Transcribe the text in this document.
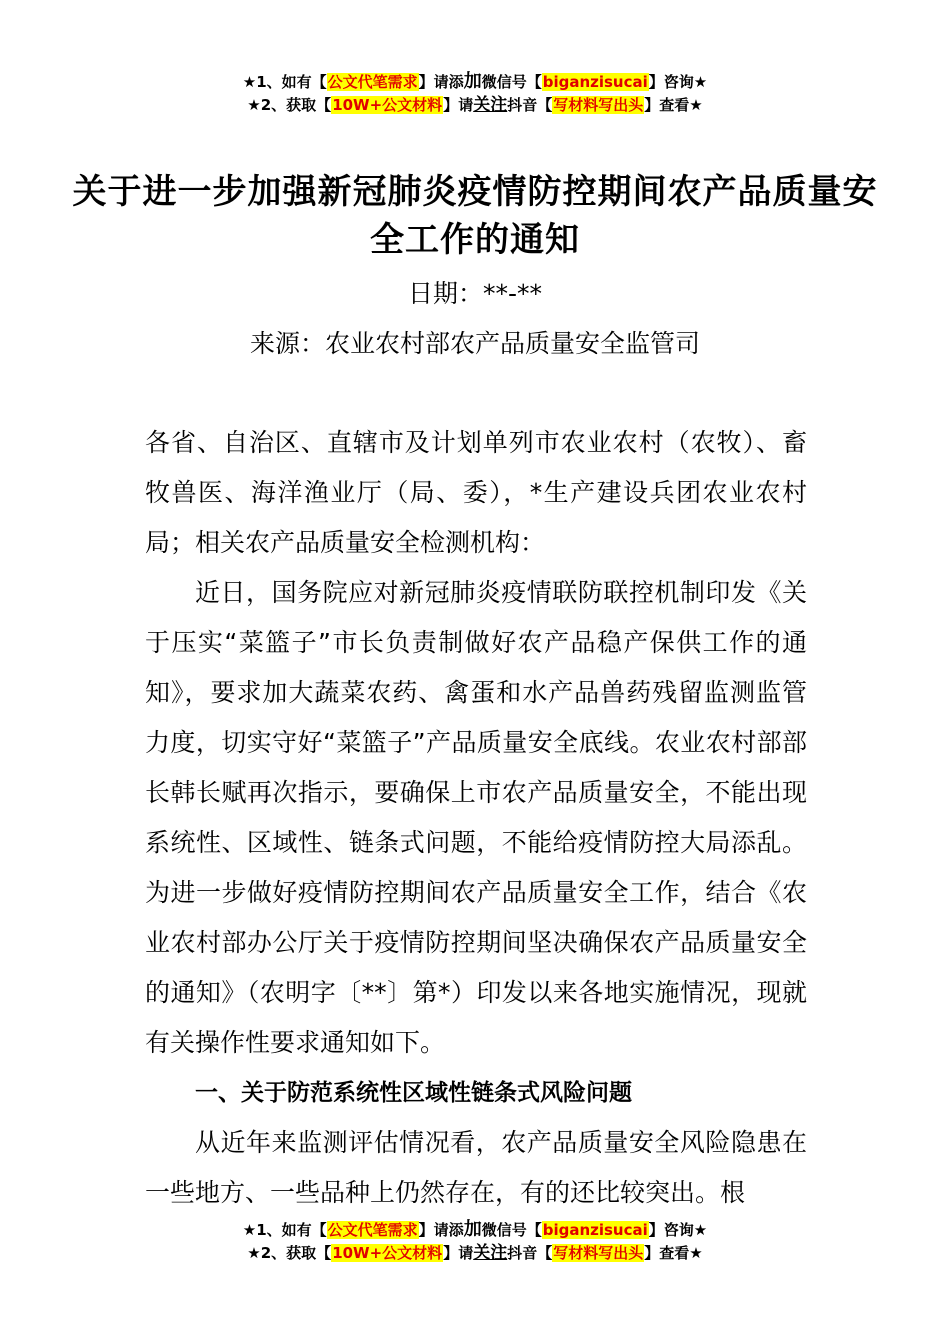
★1、如有【公文代笔需求】请添加微信号【biganzisucai】咨询★
★2、获取【10W+公文材料】请关注抖音【写材料写出头】查看★
关于进一步加强新冠肺炎疫情防控期间农产品质量安全工作的通知
日期：**-**
来源：农业农村部农产品质量安全监管司

各省、自治区、直辖市及计划单列市农业农村（农牧）、畜牧兽医、海洋渔业厅（局、委），*生产建设兵团农业农村局；相关农产品质量安全检测机构：

近日，国务院应对新冠肺炎疫情联防联控机制印发《关于压实“菜篮子”市长负责制做好农产品稳产保供工作的通知》，要求加大蔬菜农药、禽蛋和水产品兽药残留监测监管力度，切实守好“菜篮子”产品质量安全底线。农业农村部部长韩长赋再次指示，要确保上市农产品质量安全，不能出现系统性、区域性、链条式问题，不能给疫情防控大局添乱。为进一步做好疫情防控期间农产品质量安全工作，结合《农业农村部办公厅关于疫情防控期间坚决确保农产品质量安全的通知》（农明字〔**〕第*）印发以来各地实施情况，现就有关操作性要求通知如下。

一、关于防范系统性区域性链条式风险问题

从近年来监测评估情况看，农产品质量安全风险隐患在一些地方、一些品种上仍然存在，有的还比较突出。根

★1、如有【公文代笔需求】请添加微信号【biganzisucai】咨询★
★2、获取【10W+公文材料】请关注抖音【写材料写出头】查看★
